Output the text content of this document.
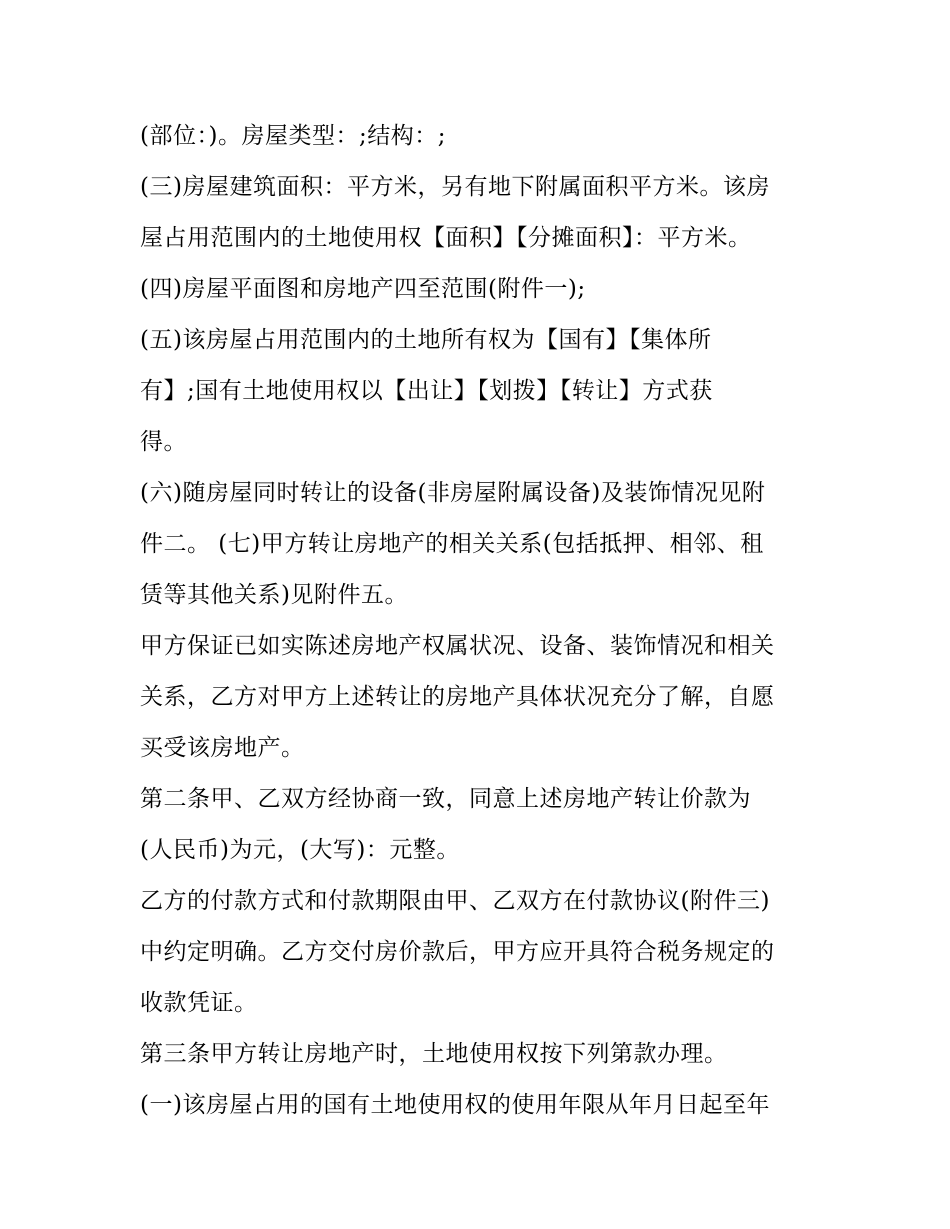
(部位：)。房屋类型：;结构：;
(三)房屋建筑面积：平方米，另有地下附属面积平方米。该房
屋占用范围内的土地使用权【面积】【分摊面积】：平方米。
(四)房屋平面图和房地产四至范围(附件一);
(五)该房屋占用范围内的土地所有权为【国有】【集体所
有】;国有土地使用权以【出让】【划拨】【转让】方式获
得。
(六)随房屋同时转让的设备(非房屋附属设备)及装饰情况见附
件二。 (七)甲方转让房地产的相关关系(包括抵押、相邻、租
赁等其他关系)见附件五。
甲方保证已如实陈述房地产权属状况、设备、装饰情况和相关
关系，乙方对甲方上述转让的房地产具体状况充分了解，自愿
买受该房地产。
第二条甲、乙双方经协商一致，同意上述房地产转让价款为
(人民币)为元，(大写)：元整。
乙方的付款方式和付款期限由甲、乙双方在付款协议(附件三)
中约定明确。乙方交付房价款后，甲方应开具符合税务规定的
收款凭证。
第三条甲方转让房地产时，土地使用权按下列第款办理。
(一)该房屋占用的国有土地使用权的使用年限从年月日起至年
